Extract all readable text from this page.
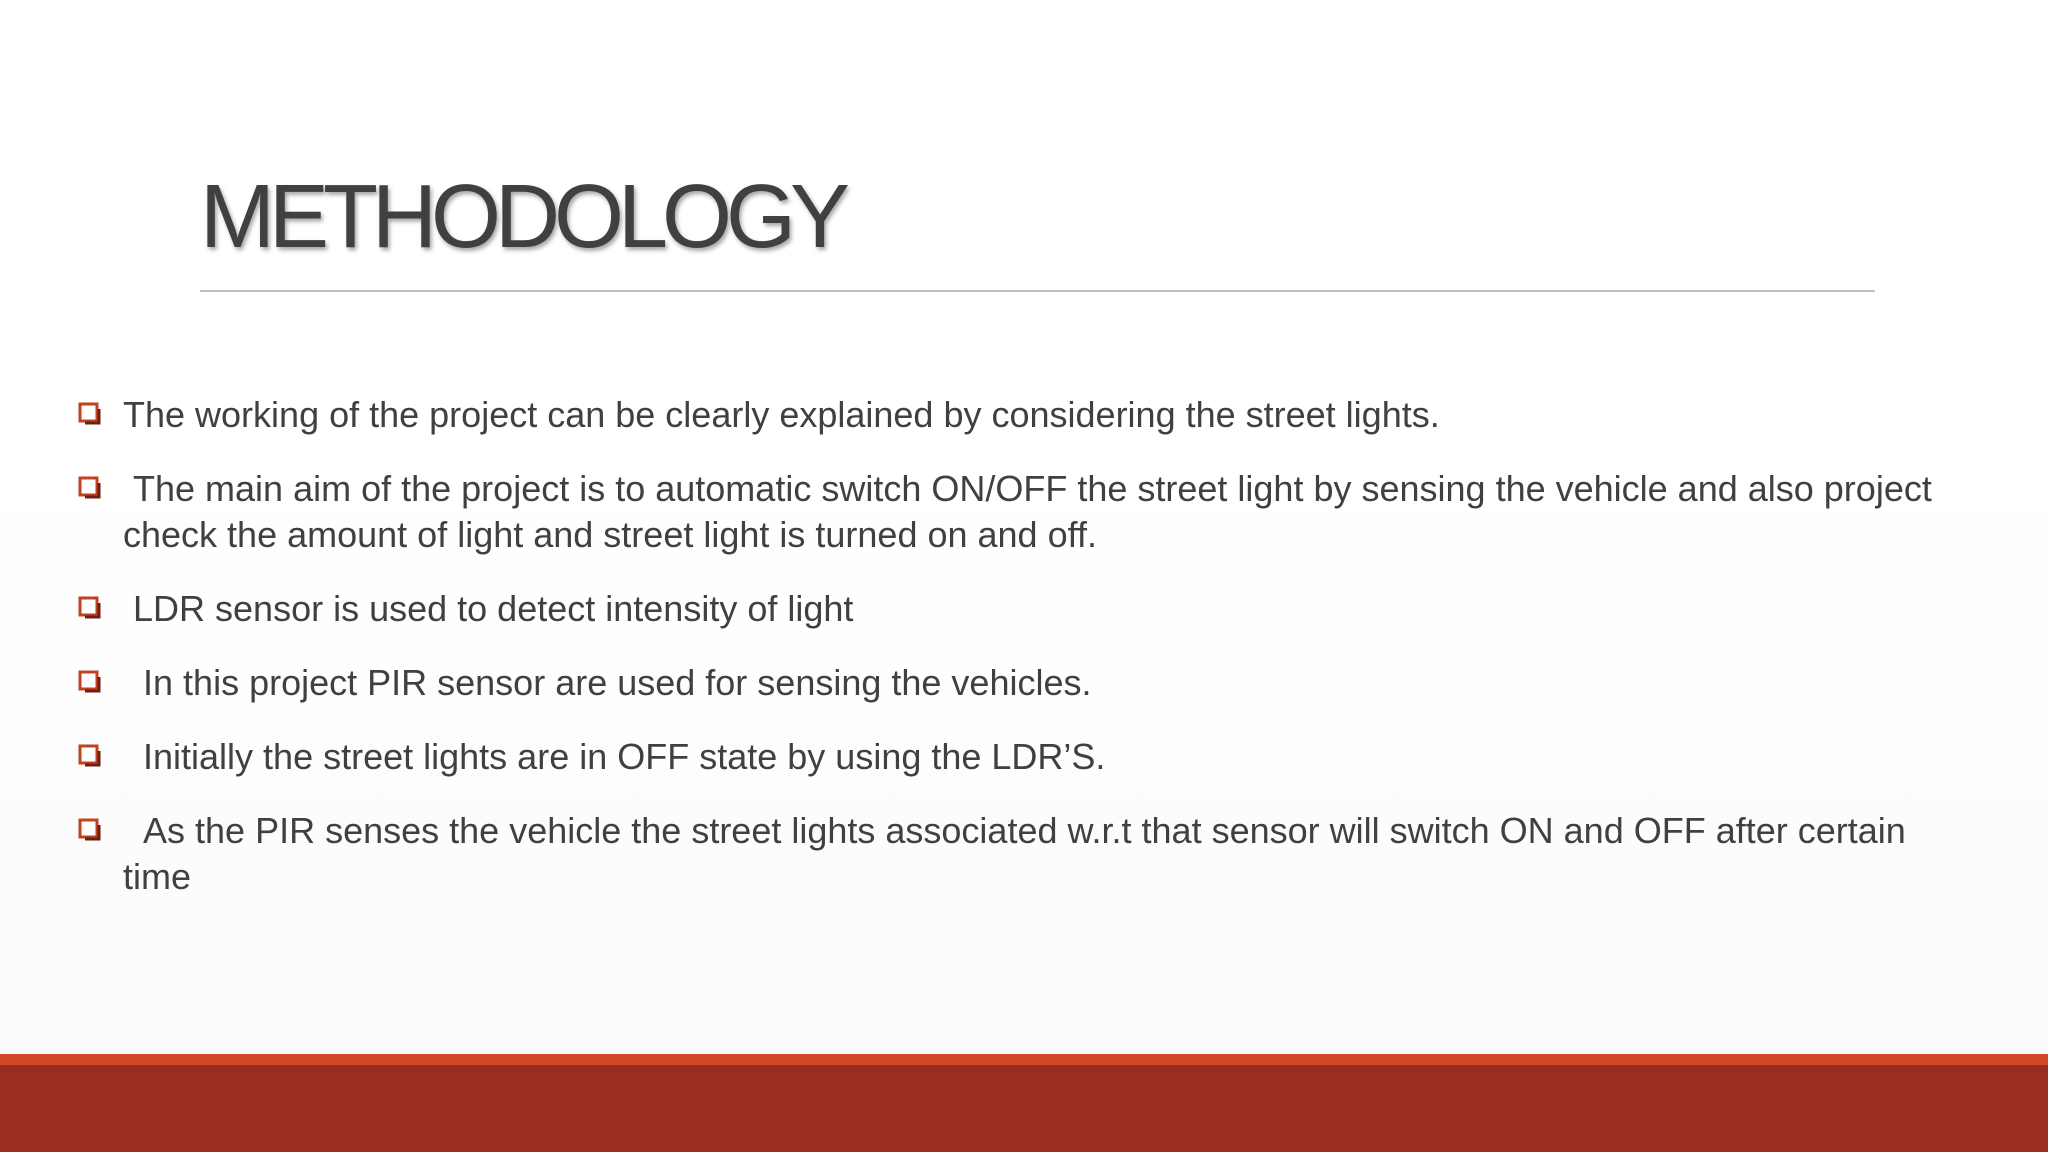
METHODOLOGY
The working of the project can be clearly explained by considering the street lights.
The main aim of the project is to automatic switch ON/OFF the street light by sensing the vehicle and also project check the amount of light and street light is turned on and off.
LDR sensor is used to detect intensity of light
In this project PIR sensor are used for sensing the vehicles.
Initially the street lights are in OFF state by using the LDR’S.
As the PIR senses the vehicle the street lights associated w.r.t that sensor will switch ON and OFF after certain time
